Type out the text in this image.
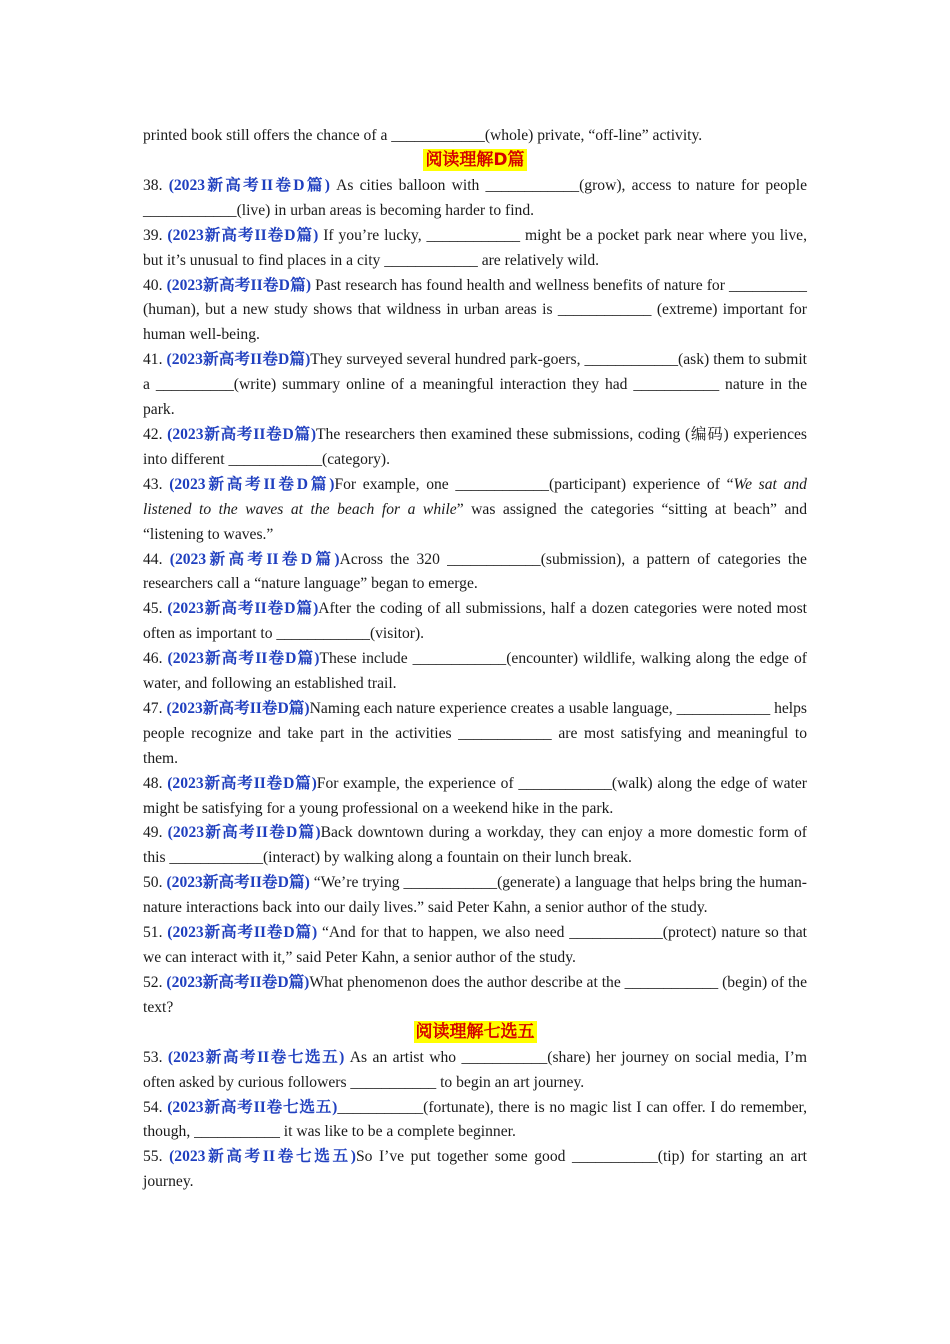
printed book still offers the chance of a ____________(whole) private, “off-line” activity.

阅读理解D篇

38. (2023新高考II卷D篇) As cities balloon with ____________(grow), access to nature for people ____________(live) in urban areas is becoming harder to find.

39. (2023新高考II卷D篇) If you’re lucky, ____________ might be a pocket park near where you live, but it’s unusual to find places in a city ____________ are relatively wild.

40. (2023新高考II卷D篇) Past research has found health and wellness benefits of nature for __________ (human), but a new study shows that wildness in urban areas is ____________ (extreme) important for human well-being.

41. (2023新高考II卷D篇)They surveyed several hundred park-goers, ____________(ask) them to submit a __________(write) summary online of a meaningful interaction they had ___________ nature in the park.

42. (2023新高考II卷D篇)The researchers then examined these submissions, coding (编码) experiences into different ____________(category).

43. (2023新高考II卷D篇)For example, one ____________(participant) experience of “We sat and listened to the waves at the beach for a while” was assigned the categories “sitting at beach” and “listening to waves.”

44. (2023新高考II卷D篇)Across the 320 ____________(submission), a pattern of categories the researchers call a “nature language” began to emerge.

45. (2023新高考II卷D篇)After the coding of all submissions, half a dozen categories were noted most often as important to ____________(visitor).

46. (2023新高考II卷D篇)These include ____________(encounter) wildlife, walking along the edge of water, and following an established trail.

47. (2023新高考II卷D篇)Naming each nature experience creates a usable language, ____________ helps people recognize and take part in the activities ____________ are most satisfying and meaningful to them.

48. (2023新高考II卷D篇)For example, the experience of ____________(walk) along the edge of water might be satisfying for a young professional on a weekend hike in the park.

49. (2023新高考II卷D篇)Back downtown during a workday, they can enjoy a more domestic form of this ____________(interact) by walking along a fountain on their lunch break.

50. (2023新高考II卷D篇) “We’re trying ____________(generate) a language that helps bring the human-nature interactions back into our daily lives.” said Peter Kahn, a senior author of the study.

51. (2023新高考II卷D篇) “And for that to happen, we also need ____________(protect) nature so that we can interact with it,” said Peter Kahn, a senior author of the study.

52. (2023新高考II卷D篇)What phenomenon does the author describe at the ____________ (begin) of the text?

阅读理解七选五

53. (2023新高考II卷七选五) As an artist who ___________(share) her journey on social media, I’m often asked by curious followers ___________ to begin an art journey.

54. (2023新高考II卷七选五)___________(fortunate), there is no magic list I can offer. I do remember, though, ___________ it was like to be a complete beginner.

55. (2023新高考II卷七选五)So I’ve put together some good ___________(tip) for starting an art journey.
